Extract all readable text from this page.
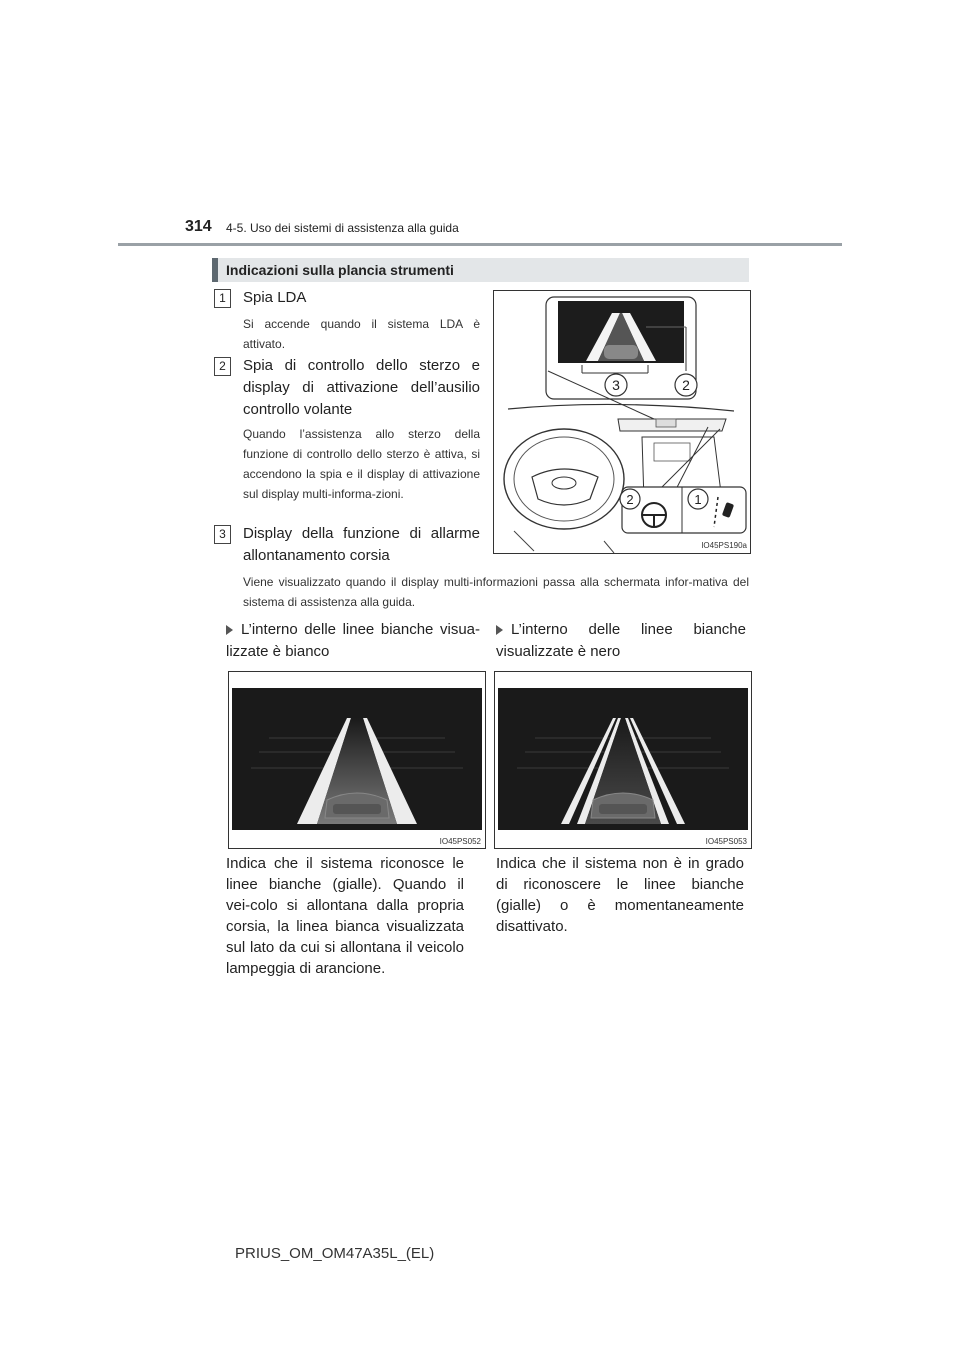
314 4-5. Uso dei sistemi di assistenza alla guida
Indicazioni sulla plancia strumenti
1	Spia LDA
Si accende quando il sistema LDA è attivato.
2	Spia di controllo dello sterzo e display di attivazione dell’ausilio controllo volante
Quando l’assistenza allo sterzo della funzione di controllo dello sterzo è attiva, si accendono la spia e il display di attivazione sul display multi-informa-zioni.
3	Display della funzione di allarme allontanamento corsia
Viene visualizzato quando il display multi-informazioni passa alla schermata infor-mativa del sistema di assistenza alla guida.
3	2
2	1
IO45PS190a
L’interno delle linee bianche visua-lizzate è bianco
L’interno delle linee bianche visualizzate è nero
IO45PS052	IO45PS053
Indica che il sistema riconosce le linee bianche (gialle). Quando il vei-colo si allontana dalla propria corsia, la linea bianca visualizzata sul lato da cui si allontana il veicolo lampeggia di arancione.
Indica che il sistema non è in grado di riconoscere le linee bianche (gialle) o è momentaneamente disattivato.
PRIUS_OM_OM47A35L_(EL)
